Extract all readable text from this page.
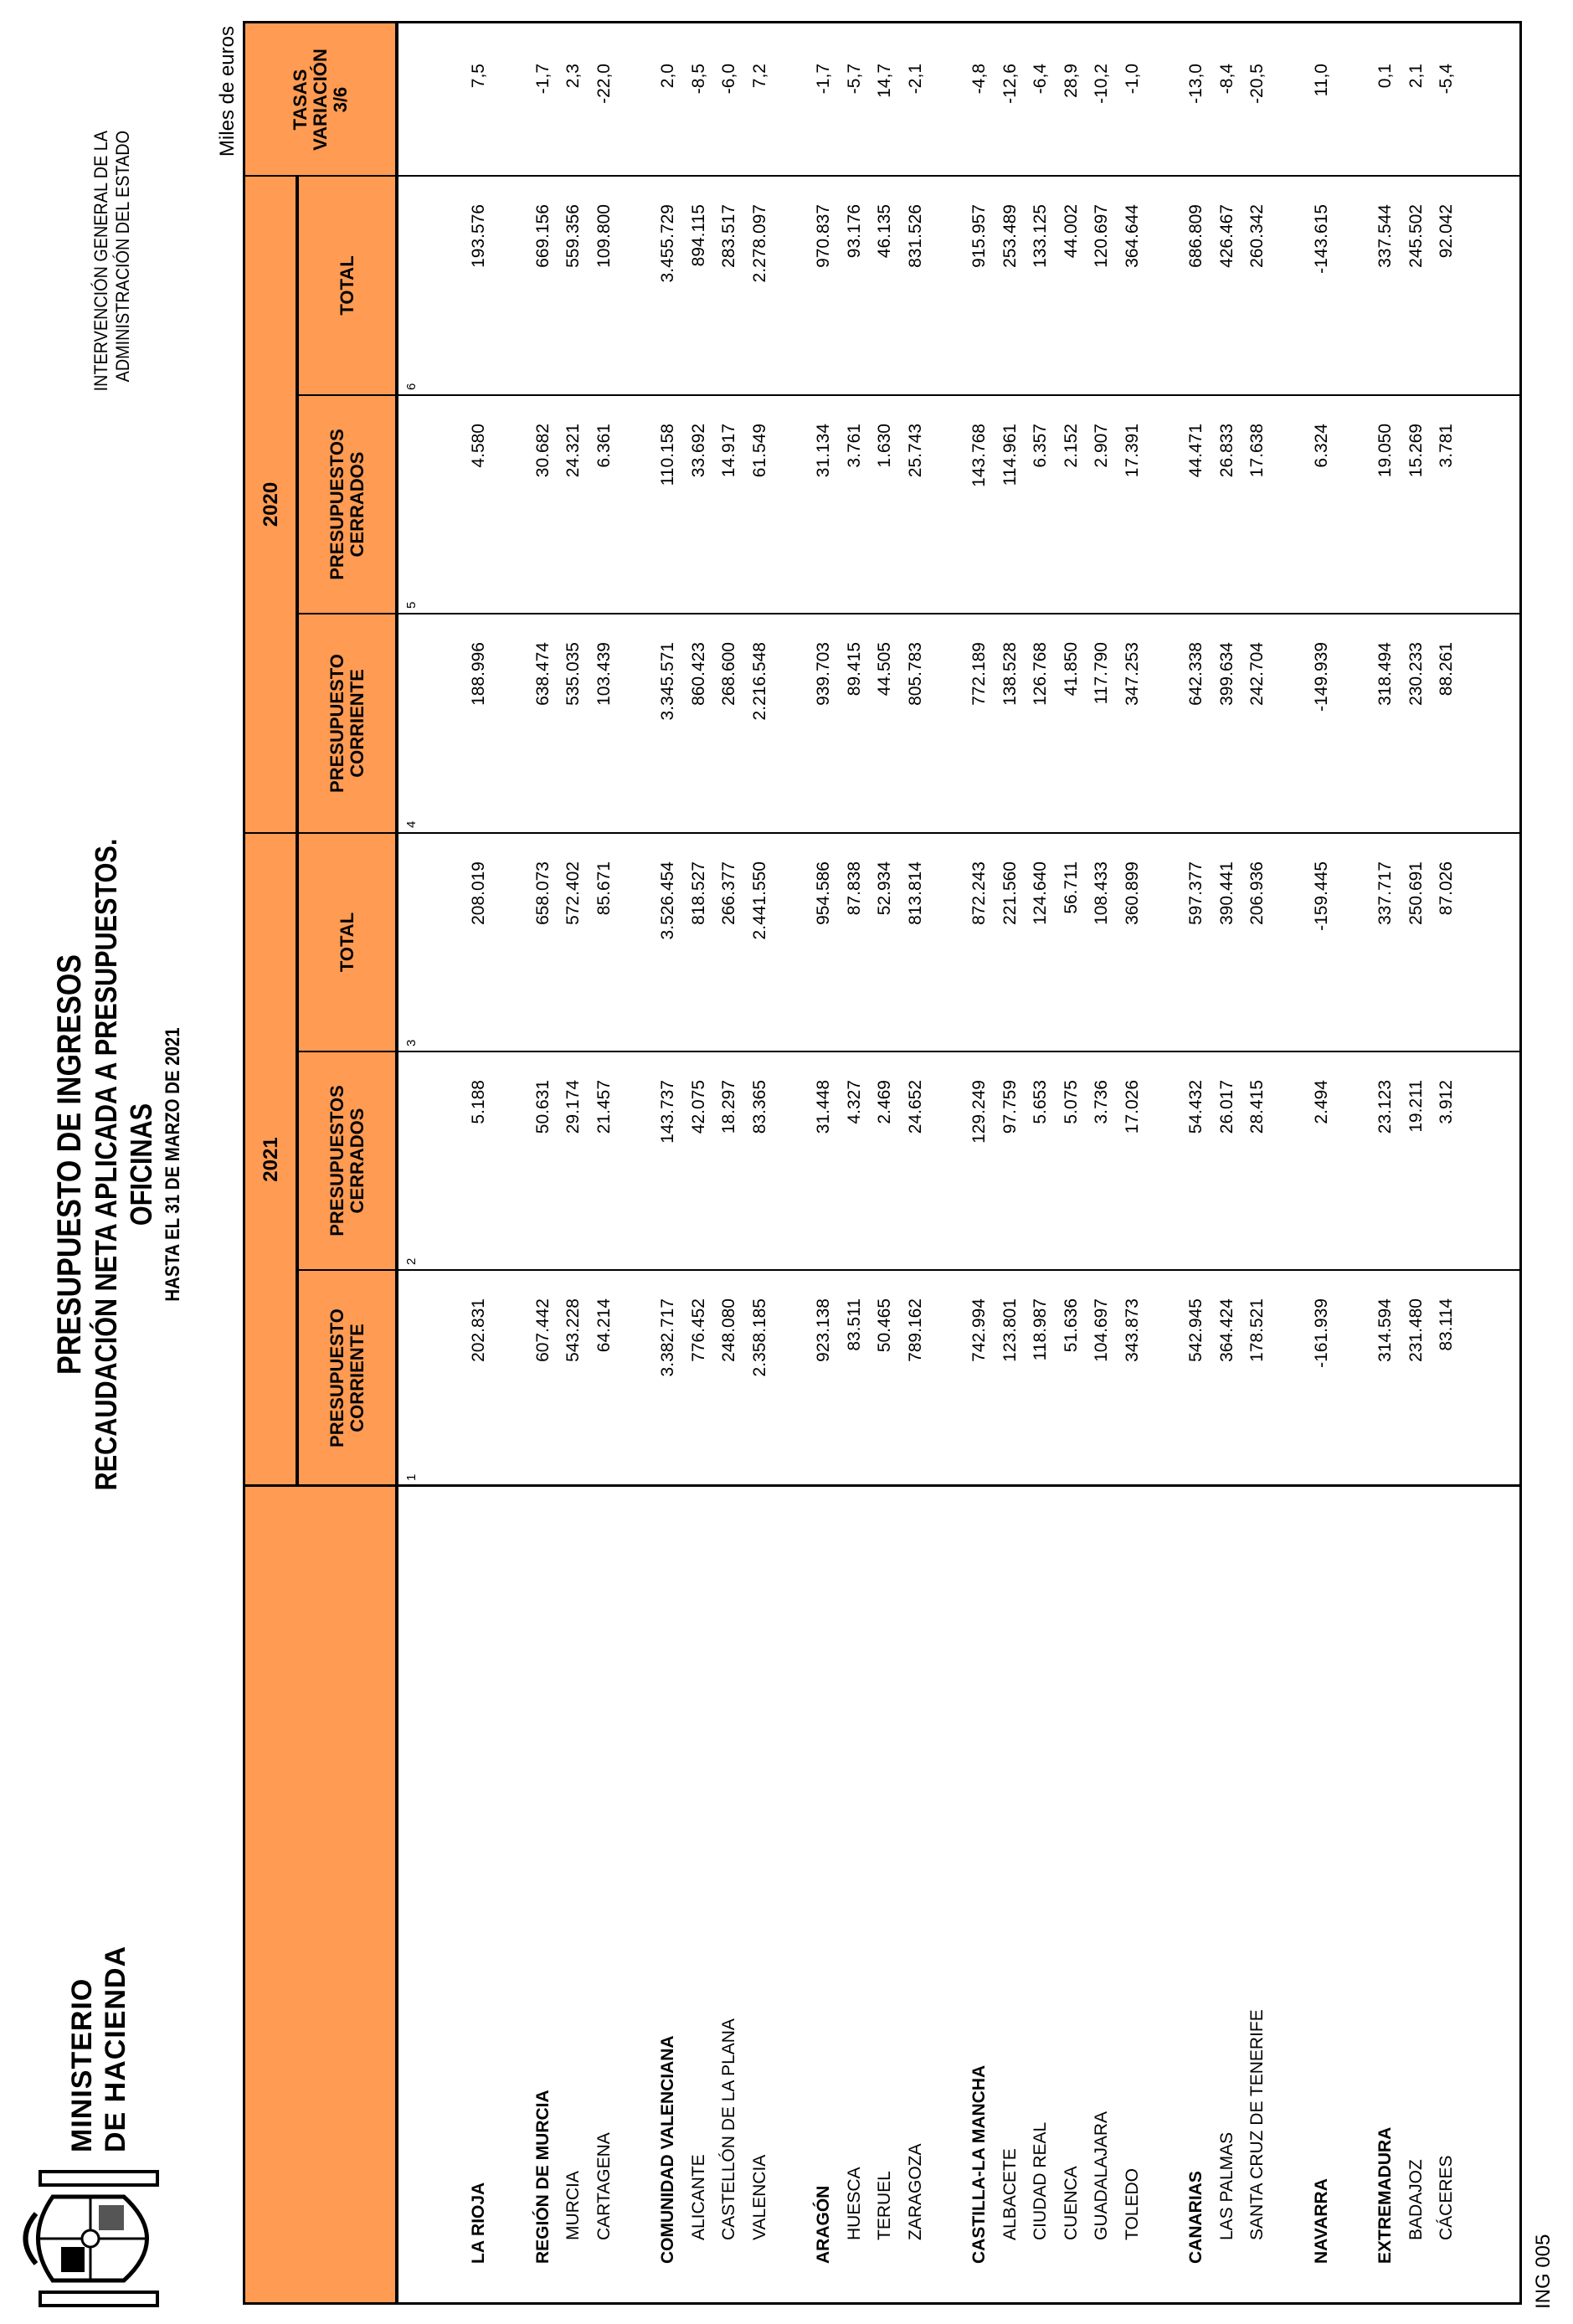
MINISTERIO DE HACIENDA
PRESUPUESTO DE INGRESOS RECAUDACIÓN NETA APLICADA A PRESUPUESTOS. OFICINAS HASTA EL 31 DE MARZO DE 2021
INTERVENCIÓN GENERAL DE LA ADMINISTRACIÓN DEL ESTADO
Miles de euros
ING 005
2021
2020
PRESUPUESTO CORRIENTE
PRESUPUESTOS CERRADOS
TOTAL
PRESUPUESTO CORRIENTE
PRESUPUESTOS CERRADOS
TOTAL
TASAS VARIACIÓN 3/6
LA RIOJA
202.831
5.188
208.019
188.996
4.580
193.576
7,5
REGIÓN DE MURCIA
607.442
50.631
658.073
638.474
30.682
669.156
-1,7
MURCIA
543.228
29.174
572.402
535.035
24.321
559.356
2,3
CARTAGENA
64.214
21.457
85.671
103.439
6.361
109.800
-22,0
COMUNIDAD VALENCIANA
3.382.717
143.737
3.526.454
3.345.571
110.158
3.455.729
2,0
ALICANTE
776.452
42.075
818.527
860.423
33.692
894.115
-8,5
CASTELLÓN DE LA PLANA
248.080
18.297
266.377
268.600
14.917
283.517
-6,0
VALENCIA
2.358.185
83.365
2.441.550
2.216.548
61.549
2.278.097
7,2
ARAGÓN
923.138
31.448
954.586
939.703
31.134
970.837
-1,7
HUESCA
83.511
4.327
87.838
89.415
3.761
93.176
-5,7
TERUEL
50.465
2.469
52.934
44.505
1.630
46.135
14,7
ZARAGOZA
789.162
24.652
813.814
805.783
25.743
831.526
-2,1
CASTILLA-LA MANCHA
742.994
129.249
872.243
772.189
143.768
915.957
-4,8
ALBACETE
123.801
97.759
221.560
138.528
114.961
253.489
-12,6
CIUDAD REAL
118.987
5.653
124.640
126.768
6.357
133.125
-6,4
CUENCA
51.636
5.075
56.711
41.850
2.152
44.002
28,9
GUADALAJARA
104.697
3.736
108.433
117.790
2.907
120.697
-10,2
TOLEDO
343.873
17.026
360.899
347.253
17.391
364.644
-1,0
CANARIAS
542.945
54.432
597.377
642.338
44.471
686.809
-13,0
LAS PALMAS
364.424
26.017
390.441
399.634
26.833
426.467
-8,4
SANTA CRUZ DE TENERIFE
178.521
28.415
206.936
242.704
17.638
260.342
-20,5
NAVARRA
-161.939
2.494
-159.445
-149.939
6.324
-143.615
11,0
EXTREMADURA
314.594
23.123
337.717
318.494
19.050
337.544
0,1
BADAJOZ
231.480
19.211
250.691
230.233
15.269
245.502
2,1
CÁCERES
83.114
3.912
87.026
88.261
3.781
92.042
-5,4
1
2
3
4
5
6
